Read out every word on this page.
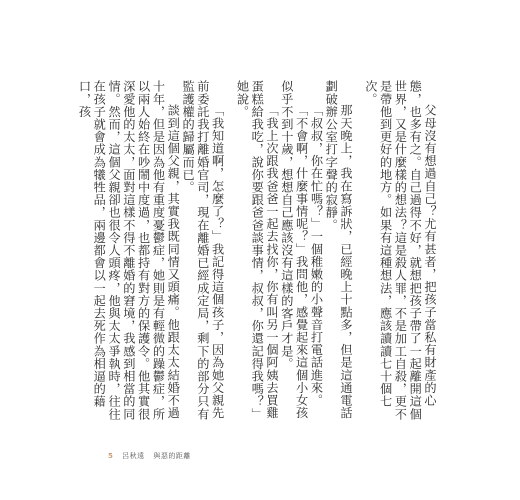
父母沒有想過自己？尤有甚者，把孩子當私有財產的心態，也多有之。自己過得不好，就想把孩子帶了一起離開這個世界，又是什麼樣的想法？這是殺人罪，不是加工自殺，更不是帶他到更好的地方。如果有這種想法，應該讀讀七十個七次。

那天晚上，我在寫訴狀，已經晚上十點多，但是這通電話劃破辦公室打字聲的寂靜。

「叔叔，你在忙嗎？」一個稚嫩的小聲音打電話進來。

「不會啊，什麼事情呢？」我問他，感覺起來這個小女孩似乎不到十歲，想想自己應該沒有這樣的客戶才是。

「我上次跟我爸爸一起去找你，你有叫另一個阿姨去買雞蛋糕給我吃，說你要跟爸爸談事情，叔叔，你還記得我嗎？」她說。

「我知道啊，怎麼了？」我記得這個孩子，因為她父親先前委託我打離婚官司，現在離婚已經成定局，剩下的部分只有監護權的歸屬而已。

談到這個父親，其實我既同情又頭痛。他跟太太結婚不過十年，但是因為他有重度憂鬱症，她則是有輕微的躁鬱症，所以兩人始終在吵鬧中度過，也都持有對方的保護令。他其實很深愛他的太太，面對這樣不得不離婚的窘境，我感到相當的同情。然而，這個父親卻也很令人頭疼，他與太太爭執時，往往在孩子就會成為犧牲品，兩邊都會以一起去死作為相逼的藉口，孩

5 呂秋遠 與惡的距離
